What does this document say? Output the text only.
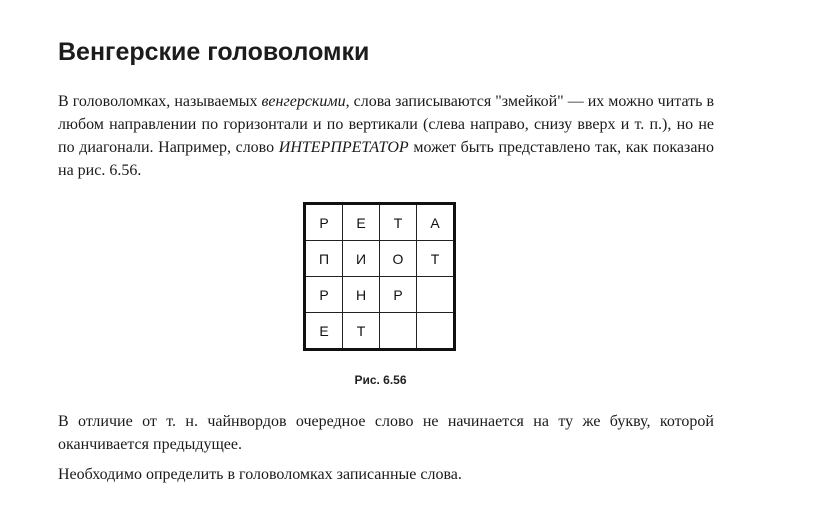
Венгерские головоломки

В головоломках, называемых венгерскими, слова записываются "змейкой" — их можно читать в любом направлении по горизонтали и по вертикали (слева направо, снизу вверх и т. п.), но не по диагонали. Например, слово ИНТЕРПРЕТАТОР может быть представлено так, как показано на рис. 6.56.

Р	Е	Т	А
П	И	О	Т
Р	Н	Р	
Е	Т		

Рис. 6.56

В отличие от т. н. чайнвордов очередное слово не начинается на ту же букву, которой оканчивается предыдущее.

Необходимо определить в головоломках записанные слова.
